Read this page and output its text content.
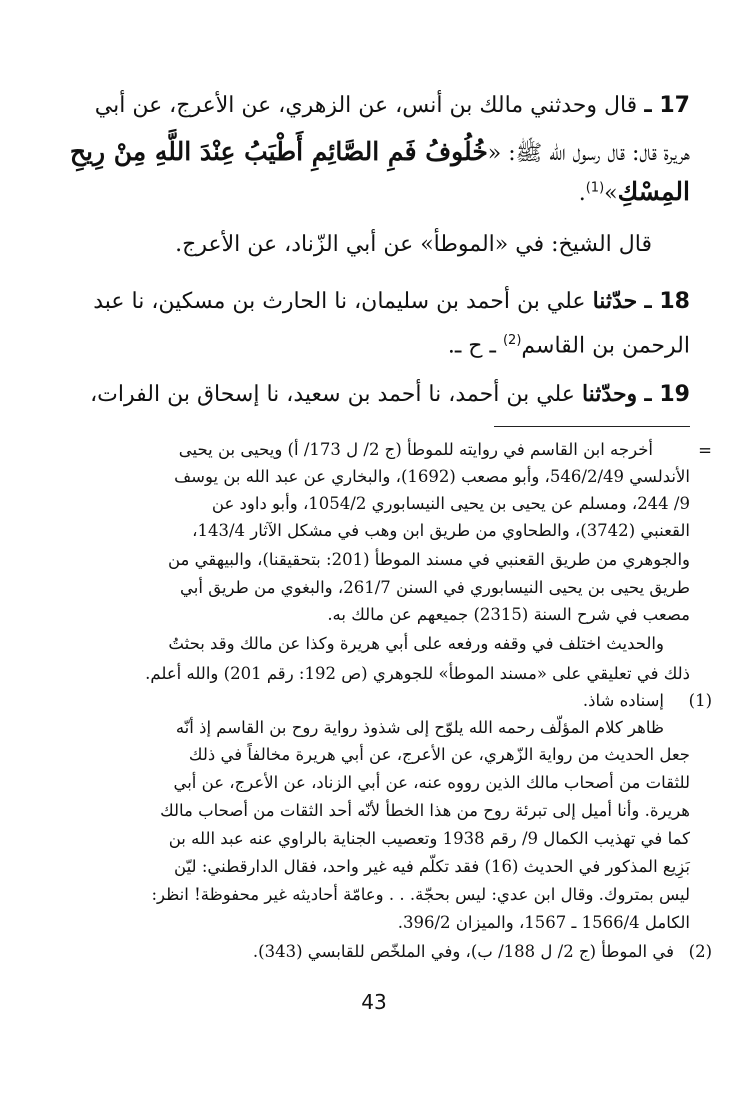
17 ـ قال وحدثني مالك بن أنس، عن الزهري، عن الأعرج، عن أبي
هريرة قال: قال رسول الله ﷺ: «خُلُوفُ فَمِ الصَّائِمِ أَطْيَبُ عِنْدَ اللَّهِ مِنْ رِيحِ
المِسْكِ»$^{(1)}$.
قال الشيخ: في «الموطأ» عن أبي الزّناد، عن الأعرج.
18 ـ حدّثنا علي بن أحمد بن سليمان، نا الحارث بن مسكين، نا عبد
الرحمن بن القاسم$^{(2)}$ ـ ح ـ.
19 ـ وحدّثنا علي بن أحمد، نا أحمد بن سعيد، نا إسحاق بن الفرات،
=
أخرجه ابن القاسم في روايته للموطأ (ج 2/ ل 173/ أ) ويحيى بن يحيى
الأندلسي 546/2/49، وأبو مصعب (1692)، والبخاري عن عبد الله بن يوسف
9/ 244، ومسلم عن يحيى بن يحيى النيسابوري 1054/2، وأبو داود عن
القعنبي (3742)، والطحاوي من طريق ابن وهب في مشكل الآثار 143/4،
والجوهري من طريق القعنبي في مسند الموطأ (201: بتحقيقنا)، والبيهقي من
طريق يحيى بن يحيى النيسابوري في السنن 261/7، والبغوي من طريق أبي
مصعب في شرح السنة (2315) جميعهم عن مالك به.
والحديث اختلف في وقفه ورفعه على أبي هريرة وكذا عن مالك وقد بحثتُ
ذلك في تعليقي على «مسند الموطأ» للجوهري (ص 192: رقم 201) والله أعلم.
(1)
إسناده شاذ.
ظاهر كلام المؤلّف رحمه الله يلوّح إلى شذوذ رواية روح بن القاسم إذ أنّه
جعل الحديث من رواية الزّهري، عن الأعرج، عن أبي هريرة مخالفاً في ذلك
للثقات من أصحاب مالك الذين رووه عنه، عن أبي الزناد، عن الأعرج، عن أبي
هريرة. وأنا أميل إلى تبرئة روح من هذا الخطأ لأنّه أحد الثقات من أصحاب مالك
كما في تهذيب الكمال 9/ رقم 1938 وتعصيب الجناية بالراوي عنه عبد الله بن
بَزِيع المذكور في الحديث (16) فقد تكلّم فيه غير واحد، فقال الدارقطني: ليّن
ليس بمتروك. وقال ابن عدي: ليس بحجّة. . . وعامّة أحاديثه غير محفوظة! انظر:
الكامل 1566/4 ـ 1567، والميزان 396/2.
(2)
في الموطأ (ج 2/ ل 188/ ب)، وفي الملخّص للقابسي (343).
43
